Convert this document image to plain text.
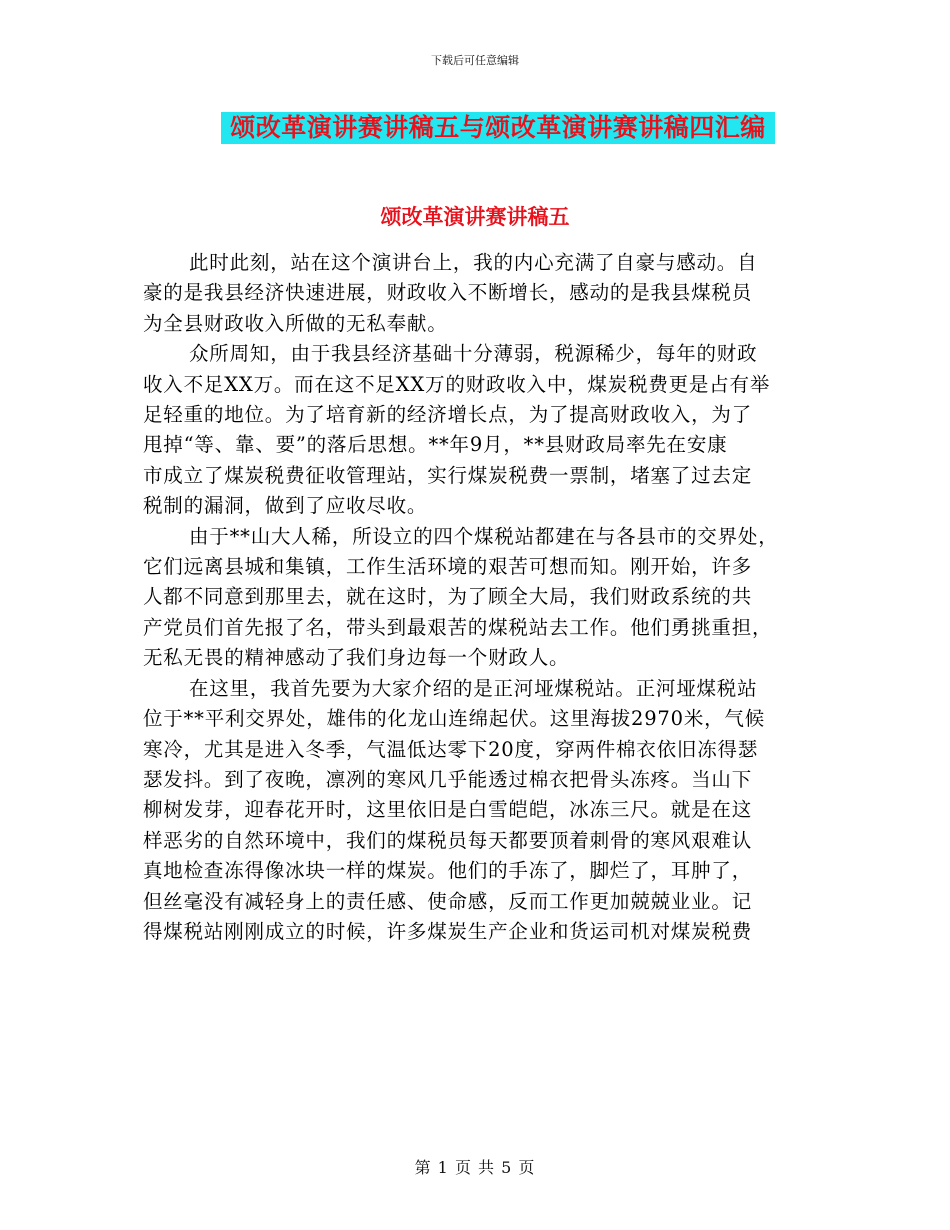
下载后可任意编辑
颂改革演讲赛讲稿五与颂改革演讲赛讲稿四汇编
颂改革演讲赛讲稿五

此时此刻，站在这个演讲台上，我的内心充满了自豪与感动。自
豪的是我县经济快速进展，财政收入不断增长，感动的是我县煤税员
为全县财政收入所做的无私奉献。

众所周知，由于我县经济基础十分薄弱，税源稀少，每年的财政
收入不足XX万。而在这不足XX万的财政收入中，煤炭税费更是占有举
足轻重的地位。为了培育新的经济增长点，为了提高财政收入，为了
甩掉“等、靠、要”的落后思想。**年9月，**县财政局率先在安康
市成立了煤炭税费征收管理站，实行煤炭税费一票制，堵塞了过去定
税制的漏洞，做到了应收尽收。

由于**山大人稀，所设立的四个煤税站都建在与各县市的交界处，
它们远离县城和集镇，工作生活环境的艰苦可想而知。刚开始，许多
人都不同意到那里去，就在这时，为了顾全大局，我们财政系统的共
产党员们首先报了名，带头到最艰苦的煤税站去工作。他们勇挑重担，
无私无畏的精神感动了我们身边每一个财政人。

在这里，我首先要为大家介绍的是正河垭煤税站。正河垭煤税站
位于**平利交界处，雄伟的化龙山连绵起伏。这里海拔2970米，气候
寒冷，尤其是进入冬季，气温低达零下20度，穿两件棉衣依旧冻得瑟
瑟发抖。到了夜晚，凛冽的寒风几乎能透过棉衣把骨头冻疼。当山下
柳树发芽，迎春花开时，这里依旧是白雪皑皑，冰冻三尺。就是在这
样恶劣的自然环境中，我们的煤税员每天都要顶着刺骨的寒风艰难认
真地检查冻得像冰块一样的煤炭。他们的手冻了，脚烂了，耳肿了，
但丝毫没有减轻身上的责任感、使命感，反而工作更加兢兢业业。记
得煤税站刚刚成立的时候，许多煤炭生产企业和货运司机对煤炭税费

第 1 页 共 5 页
